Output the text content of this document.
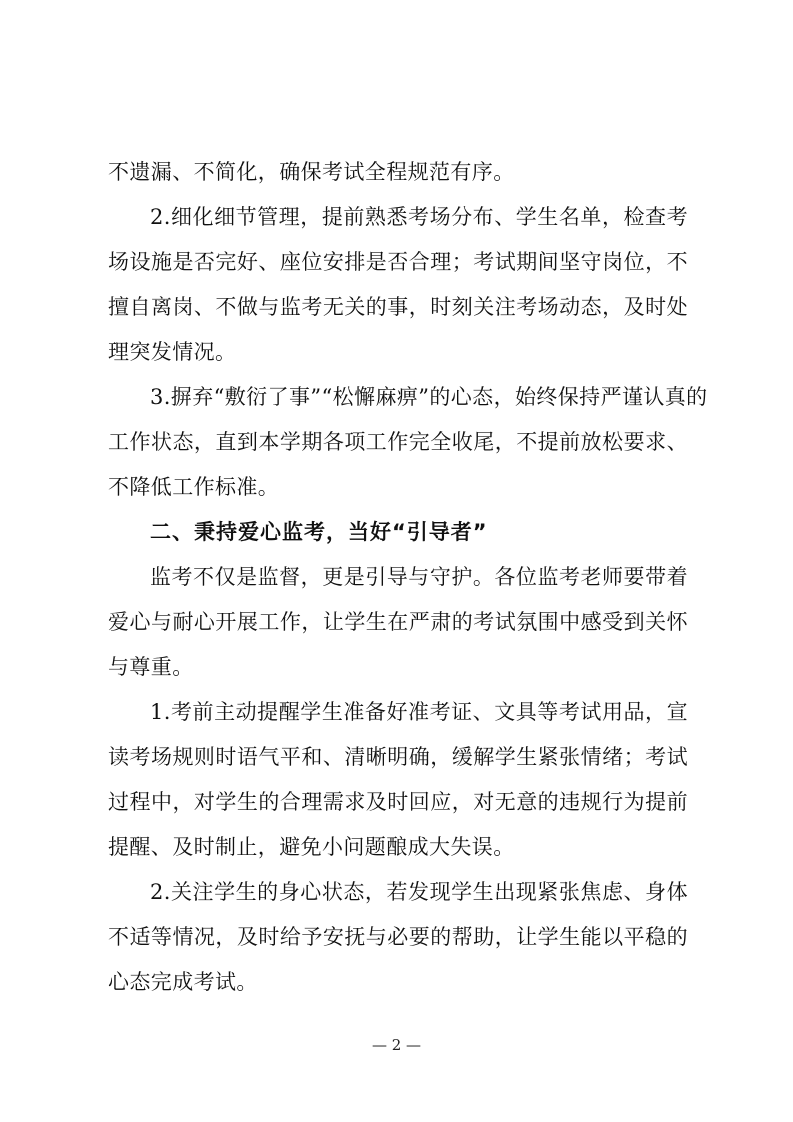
不遗漏、不简化，确保考试全程规范有序。
2.细化细节管理，提前熟悉考场分布、学生名单，检查考
场设施是否完好、座位安排是否合理；考试期间坚守岗位，不
擅自离岗、不做与监考无关的事，时刻关注考场动态，及时处
理突发情况。
3.摒弃“敷衍了事”“松懈麻痹”的心态，始终保持严谨认真的
工作状态，直到本学期各项工作完全收尾，不提前放松要求、
不降低工作标准。
二、秉持爱心监考，当好“引导者”
监考不仅是监督，更是引导与守护。各位监考老师要带着
爱心与耐心开展工作，让学生在严肃的考试氛围中感受到关怀
与尊重。
1.考前主动提醒学生准备好准考证、文具等考试用品，宣
读考场规则时语气平和、清晰明确，缓解学生紧张情绪；考试
过程中，对学生的合理需求及时回应，对无意的违规行为提前
提醒、及时制止，避免小问题酿成大失误。
2.关注学生的身心状态，若发现学生出现紧张焦虑、身体
不适等情况，及时给予安抚与必要的帮助，让学生能以平稳的
心态完成考试。
— 2 —
